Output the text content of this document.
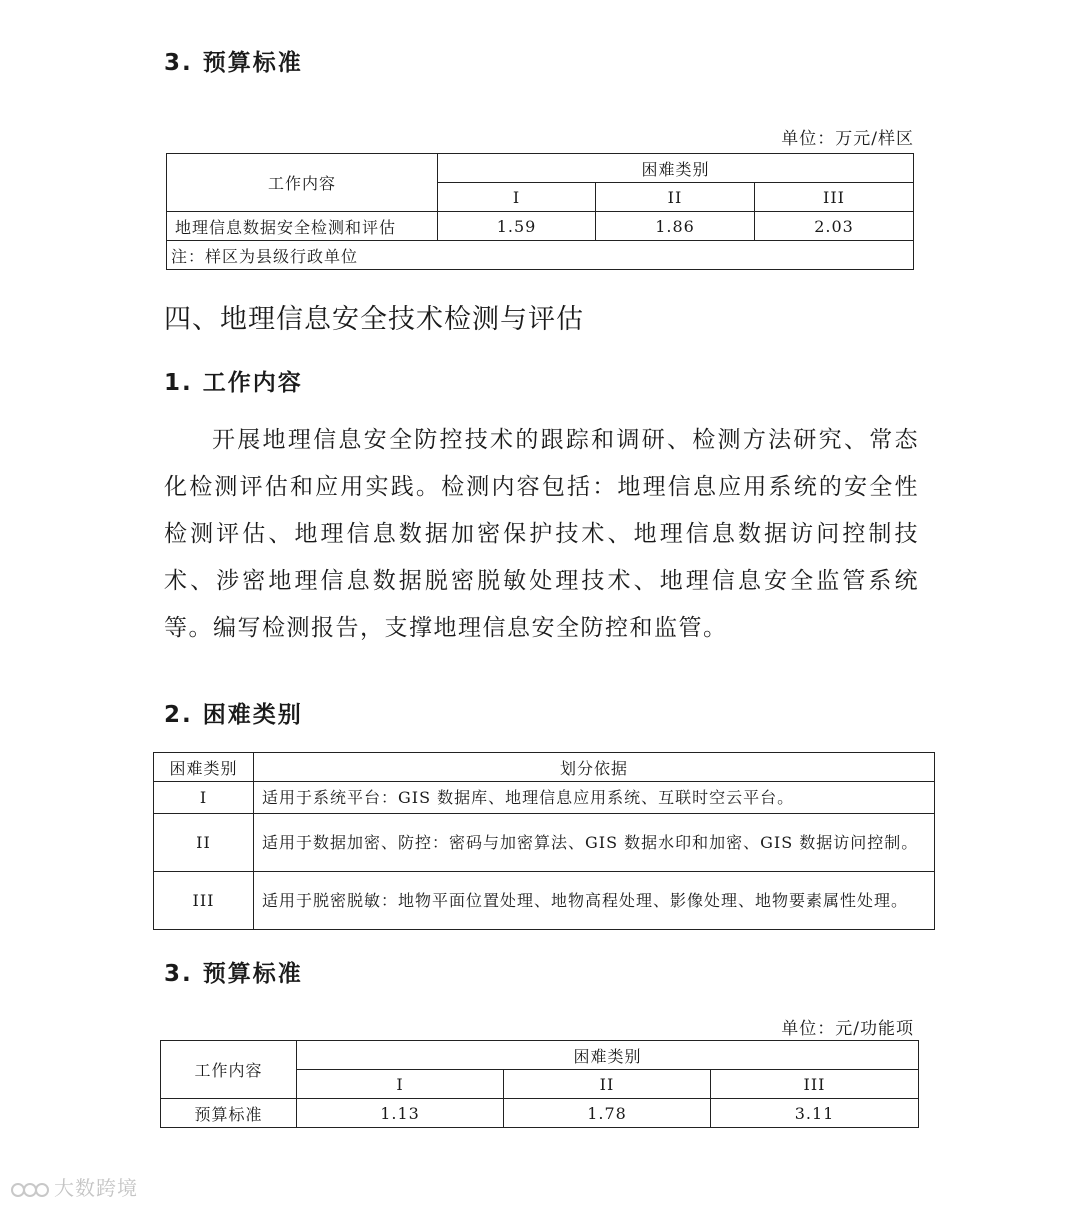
3. 预算标准
单位：万元/样区
工作内容	困难类别		
	I	II	III
地理信息数据安全检测和评估	1.59	1.86	2.03
注：样区为县级行政单位			
四、地理信息安全技术检测与评估
1. 工作内容
开展地理信息安全防控技术的跟踪和调研、检测方法研究、常态化检测评估和应用实践。检测内容包括：地理信息应用系统的安全性检测评估、地理信息数据加密保护技术、地理信息数据访问控制技术、涉密地理信息数据脱密脱敏处理技术、地理信息安全监管系统等。编写检测报告，支撑地理信息安全防控和监管。
2. 困难类别
困难类别	划分依据
I	适用于系统平台：GIS 数据库、地理信息应用系统、互联时空云平台。
II	适用于数据加密、防控：密码与加密算法、GIS 数据水印和加密、GIS 数据访问控制。
III	适用于脱密脱敏：地物平面位置处理、地物高程处理、影像处理、地物要素属性处理。
3. 预算标准
单位：元/功能项
工作内容	困难类别		
	I	II	III
预算标准	1.13	1.78	3.11
大数跨境
